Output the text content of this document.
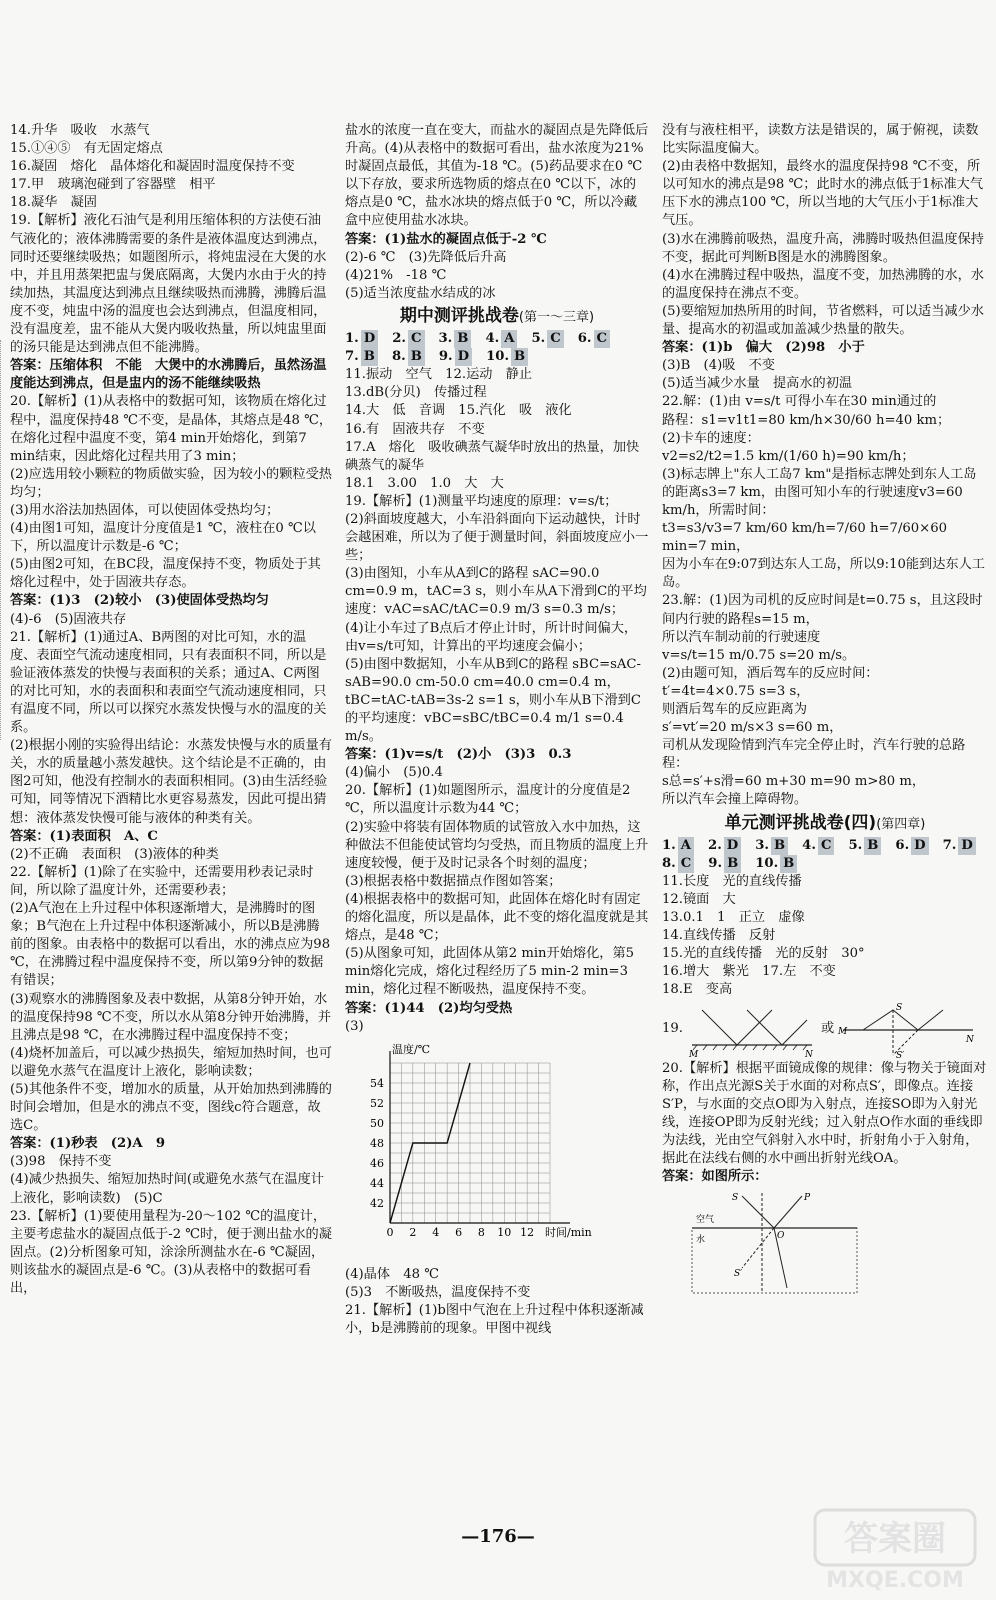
14.升华　吸收　水蒸气

15.①④⑤　有无固定熔点

16.凝固　熔化　晶体熔化和凝固时温度保持不变

17.甲　玻璃泡碰到了容器壁　相平

18.凝华　凝固

19.【解析】液化石油气是利用压缩体积的方法使石油气液化的；液体沸腾需要的条件是液体温度达到沸点，同时还要继续吸热；如题图所示，将炖盅浸在大煲的水中，并且用蒸架把盅与煲底隔离，大煲内水由于火的持续加热，其温度达到沸点且继续吸热而沸腾，沸腾后温度不变，炖盅中汤的温度也会达到沸点，但温度相同，没有温度差，盅不能从大煲内吸收热量，所以炖盅里面的汤只能是达到沸点但不能沸腾。

答案：压缩体积　不能　大煲中的水沸腾后，虽然汤温度能达到沸点，但是盅内的汤不能继续吸热

20.【解析】(1)从表格中的数据可知，该物质在熔化过程中，温度保持48 ℃不变，是晶体，其熔点是48 ℃，在熔化过程中温度不变，第4 min开始熔化，到第7 min结束，因此熔化过程共用了3 min；

(2)应选用较小颗粒的物质做实验，因为较小的颗粒受热均匀；

(3)用水浴法加热固体，可以使固体受热均匀；

(4)由图1可知，温度计分度值是1 ℃，液柱在0 ℃以下，所以温度计示数是-6 ℃；

(5)由图2可知，在BC段，温度保持不变，物质处于其熔化过程中，处于固液共存态。

答案：(1)3　(2)较小　(3)使固体受热均匀

(4)-6　(5)固液共存

21.【解析】(1)通过A、B两图的对比可知，水的温度、表面空气流动速度相同，只有表面积不同，所以是验证液体蒸发的快慢与表面积的关系；通过A、C两图的对比可知，水的表面积和表面空气流动速度相同，只有温度不同，所以可以探究水蒸发快慢与水的温度的关系。

(2)根据小刚的实验得出结论：水蒸发快慢与水的质量有关，水的质量越小蒸发越快。这个结论是不正确的，由图2可知，他没有控制水的表面积相同。(3)由生活经验可知，同等情况下酒精比水更容易蒸发，因此可提出猜想：液体蒸发快慢可能与液体的种类有关。

答案：(1)表面积　A、C

(2)不正确　表面积　(3)液体的种类

22.【解析】(1)除了在实验中，还需要用秒表记录时间，所以除了温度计外，还需要秒表；

(2)A气泡在上升过程中体积逐渐增大，是沸腾时的图象；B气泡在上升过程中体积逐渐减小，所以B是沸腾前的图象。由表格中的数据可以看出，水的沸点应为98 ℃，在沸腾过程中温度保持不变，所以第9分钟的数据有错误；

(3)观察水的沸腾图象及表中数据，从第8分钟开始，水的温度保持98 ℃不变，所以水从第8分钟开始沸腾，并且沸点是98 ℃，在水沸腾过程中温度保持不变；

(4)烧杯加盖后，可以减少热损失，缩短加热时间，也可以避免水蒸气在温度计上液化，影响读数；

(5)其他条件不变，增加水的质量，从开始加热到沸腾的时间会增加，但是水的沸点不变，图线c符合题意，故选C。

答案：(1)秒表　(2)A　9

(3)98　保持不变

(4)减少热损失、缩短加热时间(或避免水蒸气在温度计上液化，影响读数)　(5)C

23.【解析】(1)要使用量程为-20～102 ℃的温度计，主要考虑盐水的凝固点低于-2 ℃时，便于测出盐水的凝固点。(2)分析图象可知，涂涂所测盐水在-6 ℃凝固，则该盐水的凝固点是-6 ℃。(3)从表格中的数据可看出，

盐水的浓度一直在变大，而盐水的凝固点是先降低后升高。(4)从表格中的数据可看出，盐水浓度为21%时凝固点最低，其值为-18 ℃。(5)药品要求在0 ℃以下存放，要求所选物质的熔点在0 ℃以下，冰的熔点是0 ℃，盐水冰块的熔点低于0 ℃，所以冷藏盒中应使用盐水冰块。

答案：(1)盐水的凝固点低于-2 ℃

(2)-6 ℃　(3)先降低后升高

(4)21%　-18 ℃

(5)适当浓度盐水结成的冰

期中测评挑战卷(第一～三章)
1. D 2. C 3. B 4. A 5. C 6. C
7. B 8. B 9. D 10. B

11.振动　空气　12.运动　静止

13.dB(分贝)　传播过程

14.大　低　音调　15.汽化　吸　液化

16.有　固液共存　不变

17.A　熔化　吸收碘蒸气凝华时放出的热量，加快碘蒸气的凝华

18.1　3.00　1.0　大　大

19.【解析】(1)测量平均速度的原理：v=s/t；

(2)斜面坡度越大，小车沿斜面向下运动越快，计时会越困难，所以为了便于测量时间，斜面坡度应小一些；

(3)由图知，小车从A到C的路程 sAC=90.0 cm=0.9 m，tAC=3 s，则小车从A下滑到C的平均速度：vAC=sAC/tAC=0.9 m/3 s=0.3 m/s；

(4)让小车过了B点后才停止计时，所计时间偏大，由v=s/t可知，计算出的平均速度会偏小；

(5)由图中数据知，小车从B到C的路程 sBC=sAC-sAB=90.0 cm-50.0 cm=40.0 cm=0.4 m，tBC=tAC-tAB=3s-2 s=1 s，则小车从B下滑到C的平均速度：vBC=sBC/tBC=0.4 m/1 s=0.4 m/s。

答案：(1)v=s/t　(2)小　(3)3　0.3

(4)偏小　(5)0.4

20.【解析】(1)如题图所示，温度计的分度值是2 ℃，所以温度计示数为44 ℃；

(2)实验中将装有固体物质的试管放入水中加热，这种做法不但能使试管均匀受热，而且物质的温度上升速度较慢，便于及时记录各个时刻的温度；

(3)根据表格中数据描点作图如答案；

(4)根据表格中的数据可知，此固体在熔化时有固定的熔化温度，所以是晶体，此不变的熔化温度就是其熔点，是48 ℃；

(5)从图象可知，此固体从第2 min开始熔化，第5 min熔化完成，熔化过程经历了5 min-2 min=3 min，熔化过程不断吸热，温度保持不变。

答案：(1)44　(2)均匀受热

(3)

0 2 4 6 8 10 12
42
44
46
48
50
52
54
温度/℃
时间/min

(4)晶体　48 ℃

(5)3　不断吸热，温度保持不变

21.【解析】(1)b图中气泡在上升过程中体积逐渐减小，b是沸腾前的现象。甲图中视线

没有与液柱相平，读数方法是错误的，属于俯视，读数比实际温度偏大。

(2)由表格中数据知，最终水的温度保持98 ℃不变，所以可知水的沸点是98 ℃；此时水的沸点低于1标准大气压下水的沸点100 ℃，所以当地的大气压小于1标准大气压。

(3)水在沸腾前吸热，温度升高，沸腾时吸热但温度保持不变，据此可判断B图是水的沸腾图象。

(4)水在沸腾过程中吸热，温度不变，加热沸腾的水，水的温度保持在沸点不变。

(5)要缩短加热所用的时间，节省燃料，可以适当减少水量、提高水的初温或加盖减少热量的散失。

答案：(1)b　偏大　(2)98　小于

(3)B　(4)吸　不变

(5)适当减少水量　提高水的初温

22.解：(1)由 v=s/t 可得小车在30 min通过的

路程：s1=v1t1=80 km/h×30/60 h=40 km；

(2)卡车的速度：

v2=s2/t2=1.5 km/(1/60 h)=90 km/h；

(3)标志牌上"东人工岛7 km"是指标志牌处到东人工岛的距离s3=7 km，由图可知小车的行驶速度v3=60 km/h，所需时间：

t3=s3/v3=7 km/60 km/h=7/60 h=7/60×60 min=7 min，

因为小车在9:07到达东人工岛，所以9:10能到达东人工岛。

23.解：(1)因为司机的反应时间是t=0.75 s，且这段时间内行驶的路程s=15 m，

所以汽车制动前的行驶速度

v=s/t=15 m/0.75 s=20 m/s。

(2)由题可知，酒后驾车的反应时间：

t′=4t=4×0.75 s=3 s，

则酒后驾车的反应距离为

s′=vt′=20 m/s×3 s=60 m，

司机从发现险情到汽车完全停止时，汽车行驶的总路程：

s总=s′+s滑=60 m+30 m=90 m>80 m，

所以汽车会撞上障碍物。

单元测评挑战卷(四)(第四章)
1. A 2. D 3. B 4. C 5. B 6. D 7. D
8. C 9. B 10. B

11.长度　光的直线传播

12.镜面　大

13.0.1　1　正立　虚像

14.直线传播　反射

15.光的直线传播　光的反射　30°

16.增大　紫光　17.左　不变

18.E　变高

19.
M	N
或 M
N
S
S′

20.【解析】根据平面镜成像的规律：像与物关于镜面对称，作出点光源S关于水面的对称点S′，即像点。连接S′P，与水面的交点O即为入射点，连接SO即为入射光线，连接OP即为反射光线；过入射点O作水面的垂线即为法线，光由空气斜射入水中时，折射角小于入射角，据此在法线右侧的水中画出折射光线OA。

答案：如图所示：

S	P
O
S′
空气
水
—176—	答案圈
MXQE.COM
